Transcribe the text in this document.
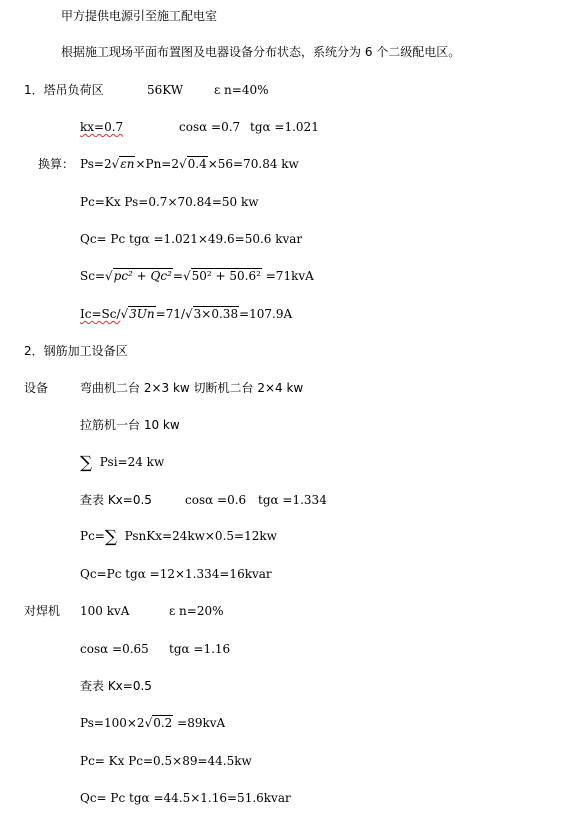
甲方提供电源引至施工配电室
根据施工现场平面布置图及电器设备分布状态，系统分为 6 个二级配电区。
1．塔吊负荷区	56KW	ε n=40%
kx=0.7	cosα =0.7 tgα =1.021
换算： Ps=2√εn×Pn=2√0.4×56=70.84 kw
Pc=Kx Ps=0.7×70.84=50 kw
Qc= Pc tgα =1.021×49.6=50.6 kvar
Sc=√pc² + Qc²=√50² + 50.6² =71kvA
Ic=Sc/√3Un=71/√3×0.38=107.9A
2．钢筋加工设备区
设备	弯曲机二台 2×3 kw 切断机二台 2×4 kw
拉筋机一台 10 kw
∑ Psi=24 kw
查表 Kx=0.5	cosα =0.6 tgα =1.334
Pc=∑ PsnKx=24kw×0.5=12kw
Qc=Pc tgα =12×1.334=16kvar
对焊机 100 kvA	ε n=20%
cosα =0.65 tgα =1.16
查表 Kx=0.5
Ps=100×2√0.2 =89kvA
Pc= Kx Pc=0.5×89=44.5kw
Qc= Pc tgα =44.5×1.16=51.6kvar
